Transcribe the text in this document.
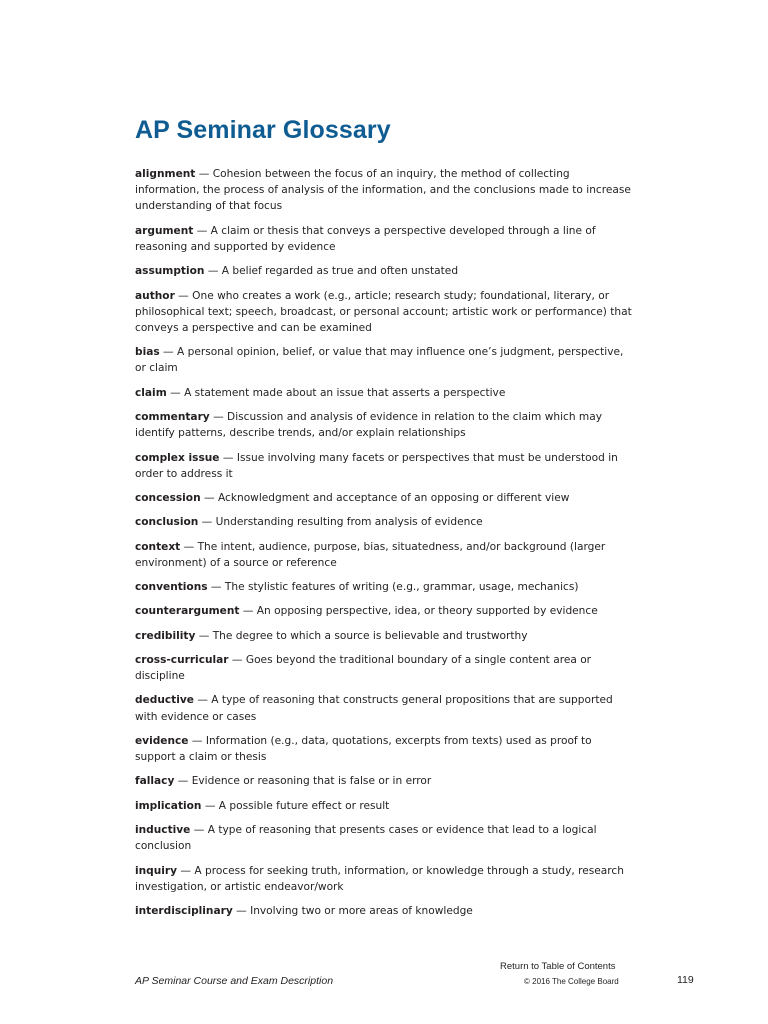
AP Seminar Glossary

alignment — Cohesion between the focus of an inquiry, the method of collecting information, the process of analysis of the information, and the conclusions made to increase understanding of that focus

argument — A claim or thesis that conveys a perspective developed through a line of reasoning and supported by evidence

assumption — A belief regarded as true and often unstated

author — One who creates a work (e.g., article; research study; foundational, literary, or philosophical text; speech, broadcast, or personal account; artistic work or performance) that conveys a perspective and can be examined

bias — A personal opinion, belief, or value that may influence one’s judgment, perspective, or claim

claim — A statement made about an issue that asserts a perspective

commentary — Discussion and analysis of evidence in relation to the claim which may identify patterns, describe trends, and/or explain relationships

complex issue — Issue involving many facets or perspectives that must be understood in order to address it

concession — Acknowledgment and acceptance of an opposing or different view

conclusion — Understanding resulting from analysis of evidence

context — The intent, audience, purpose, bias, situatedness, and/or background (larger environment) of a source or reference

conventions — The stylistic features of writing (e.g., grammar, usage, mechanics)

counterargument — An opposing perspective, idea, or theory supported by evidence

credibility — The degree to which a source is believable and trustworthy

cross-curricular — Goes beyond the traditional boundary of a single content area or discipline

deductive — A type of reasoning that constructs general propositions that are supported with evidence or cases

evidence — Information (e.g., data, quotations, excerpts from texts) used as proof to support a claim or thesis

fallacy — Evidence or reasoning that is false or in error

implication — A possible future effect or result

inductive — A type of reasoning that presents cases or evidence that lead to a logical conclusion

inquiry — A process for seeking truth, information, or knowledge through a study, research investigation, or artistic endeavor/work

interdisciplinary — Involving two or more areas of knowledge

AP Seminar Course and Exam Description
Return to Table of Contents
© 2016 The College Board	119
